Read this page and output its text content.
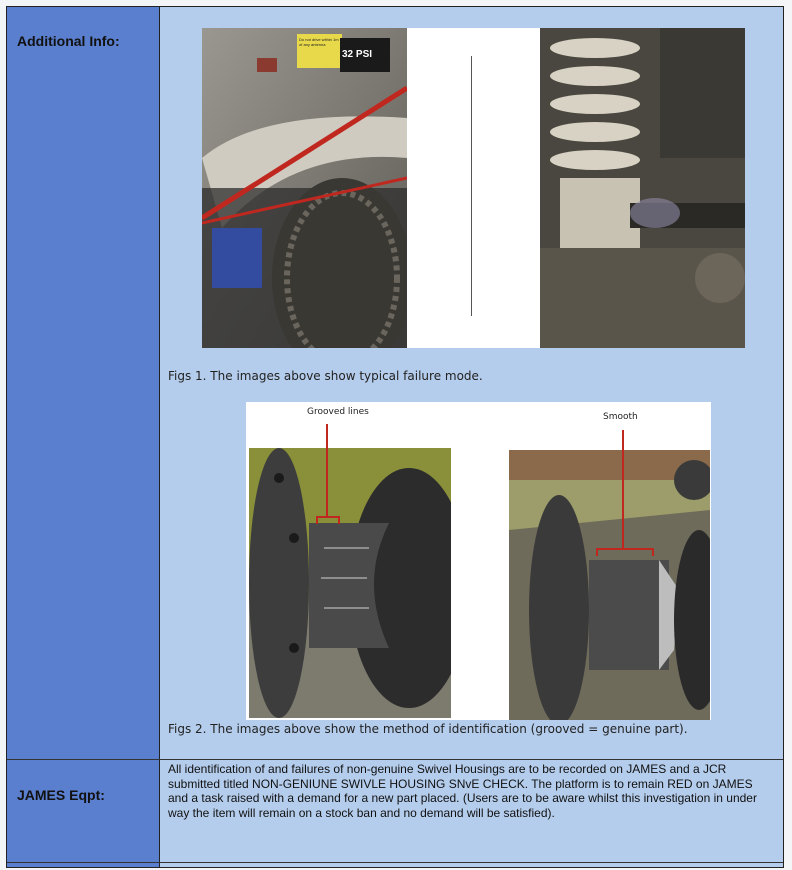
Additional Info:
JAMES Eqpt:
Do not drive within 1m of any antenna
32 PSI
Figs 1. The images above show typical failure mode.
Grooved lines	Smooth
Figs 2. The images above show the method of identification (grooved = genuine part).
All identification of and failures of non-genuine Swivel Housings are to be recorded on JAMES and a JCR submitted titled NON-GENIUNE SWIVLE HOUSING SNvE CHECK. The platform is to remain RED on JAMES and a task raised with a demand for a new part placed. (Users are to be aware whilst this investigation in under way the item will remain on a stock ban and no demand will be satisfied).
